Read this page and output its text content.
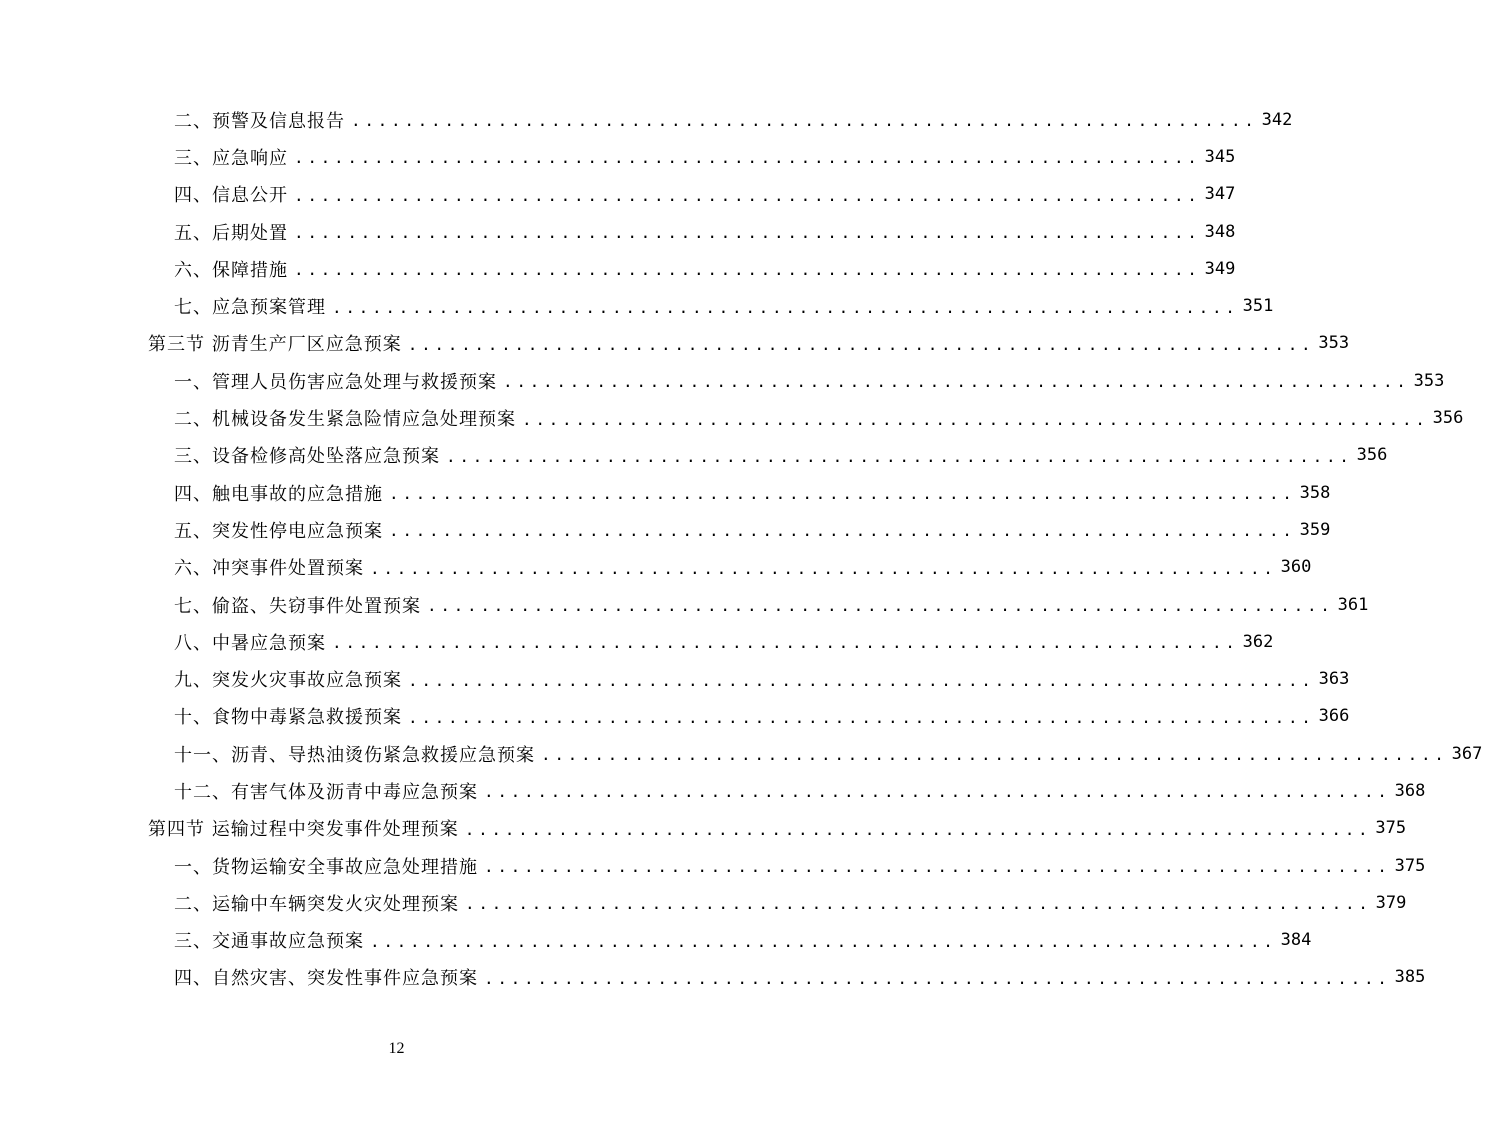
二、预警及信息报告 .................................................................... 342
三、应急响应 .................................................................... 345
四、信息公开 .................................................................... 347
五、后期处置 .................................................................... 348
六、保障措施 .................................................................... 349
七、应急预案管理 .................................................................... 351
第三节 沥青生产厂区应急预案 .................................................................... 353
一、管理人员伤害应急处理与救援预案 .................................................................... 353
二、机械设备发生紧急险情应急处理预案 .................................................................... 356
三、设备检修高处坠落应急预案 .................................................................... 356
四、触电事故的应急措施 .................................................................... 358
五、突发性停电应急预案 .................................................................... 359
六、冲突事件处置预案 .................................................................... 360
七、偷盗、失窃事件处置预案 .................................................................... 361
八、中暑应急预案 .................................................................... 362
九、突发火灾事故应急预案 .................................................................... 363
十、食物中毒紧急救援预案 .................................................................... 366
十一、沥青、导热油烫伤紧急救援应急预案 .................................................................... 367
十二、有害气体及沥青中毒应急预案 .................................................................... 368
第四节 运输过程中突发事件处理预案 .................................................................... 375
一、货物运输安全事故应急处理措施 .................................................................... 375
二、运输中车辆突发火灾处理预案 .................................................................... 379
三、交通事故应急预案 .................................................................... 384
四、自然灾害、突发性事件应急预案 .................................................................... 385
12
